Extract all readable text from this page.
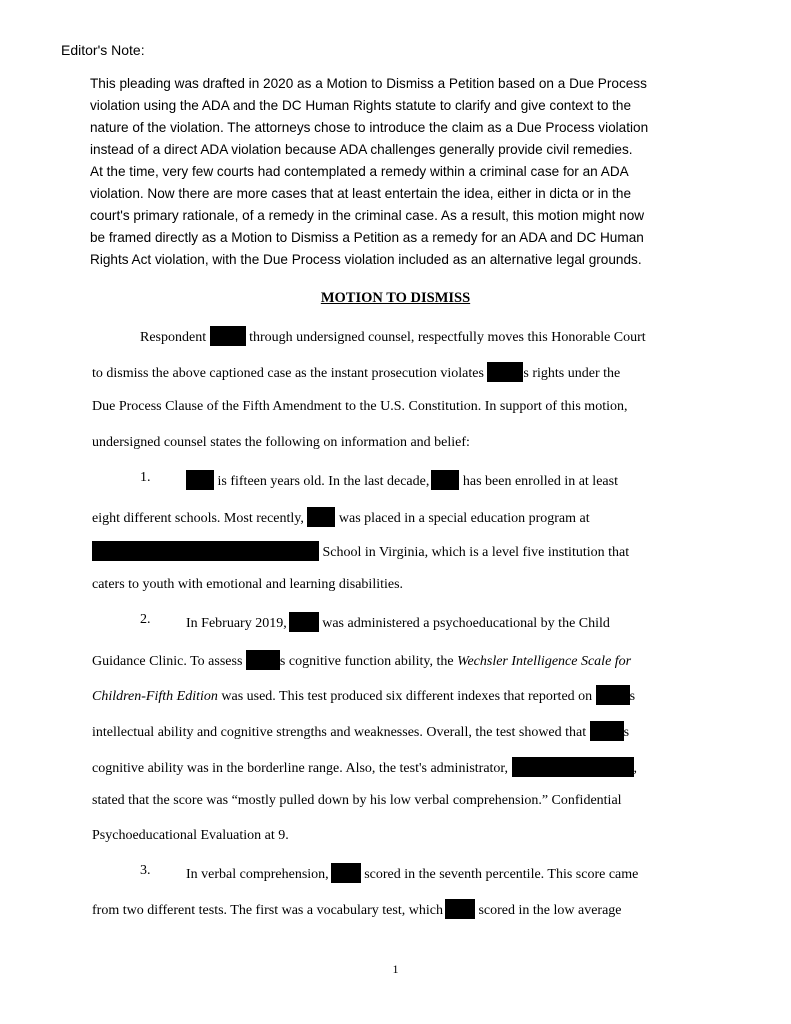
Editor's Note:
This pleading was drafted in 2020 as a Motion to Dismiss a Petition based on a Due Process
violation using the ADA and the DC Human Rights statute to clarify and give context to the
nature of the violation. The attorneys chose to introduce the claim as a Due Process violation
instead of a direct ADA violation because ADA challenges generally provide civil remedies.
At the time, very few courts had contemplated a remedy within a criminal case for an ADA
violation. Now there are more cases that at least entertain the idea, either in dicta or in the
court's primary rationale, of a remedy in the criminal case. As a result, this motion might now
be framed directly as a Motion to Dismiss a Petition as a remedy for an ADA and DC Human
Rights Act violation, with the Due Process violation included as an alternative legal grounds.
MOTION TO DISMISS
Respondent	through undersigned counsel, respectfully moves this Honorable Court
to dismiss the above captioned case as the instant prosecution violates	s rights under the
Due Process Clause of the Fifth Amendment to the U.S. Constitution. In support of this motion,
undersigned counsel states the following on information and belief:
1.	is fifteen years old. In the last decade, has been enrolled in at least
eight different schools. Most recently,	was placed in a special education program at
School in Virginia, which is a level five institution that
caters to youth with emotional and learning disabilities.
2.	In February 2019,	was administered a psychoeducational by the Child
Guidance Clinic. To assess	s cognitive function ability, the Wechsler Intelligence Scale for
Children-Fifth Edition was used. This test produced six different indexes that reported on	s
intellectual ability and cognitive strengths and weaknesses. Overall, the test showed that	s
cognitive ability was in the borderline range. Also, the test's administrator,	,
stated that the score was “mostly pulled down by his low verbal comprehension.” Confidential
Psychoeducational Evaluation at 9.
3.	In verbal comprehension,	scored in the seventh percentile. This score came
from two different tests. The first was a vocabulary test, which	scored in the low average
1
